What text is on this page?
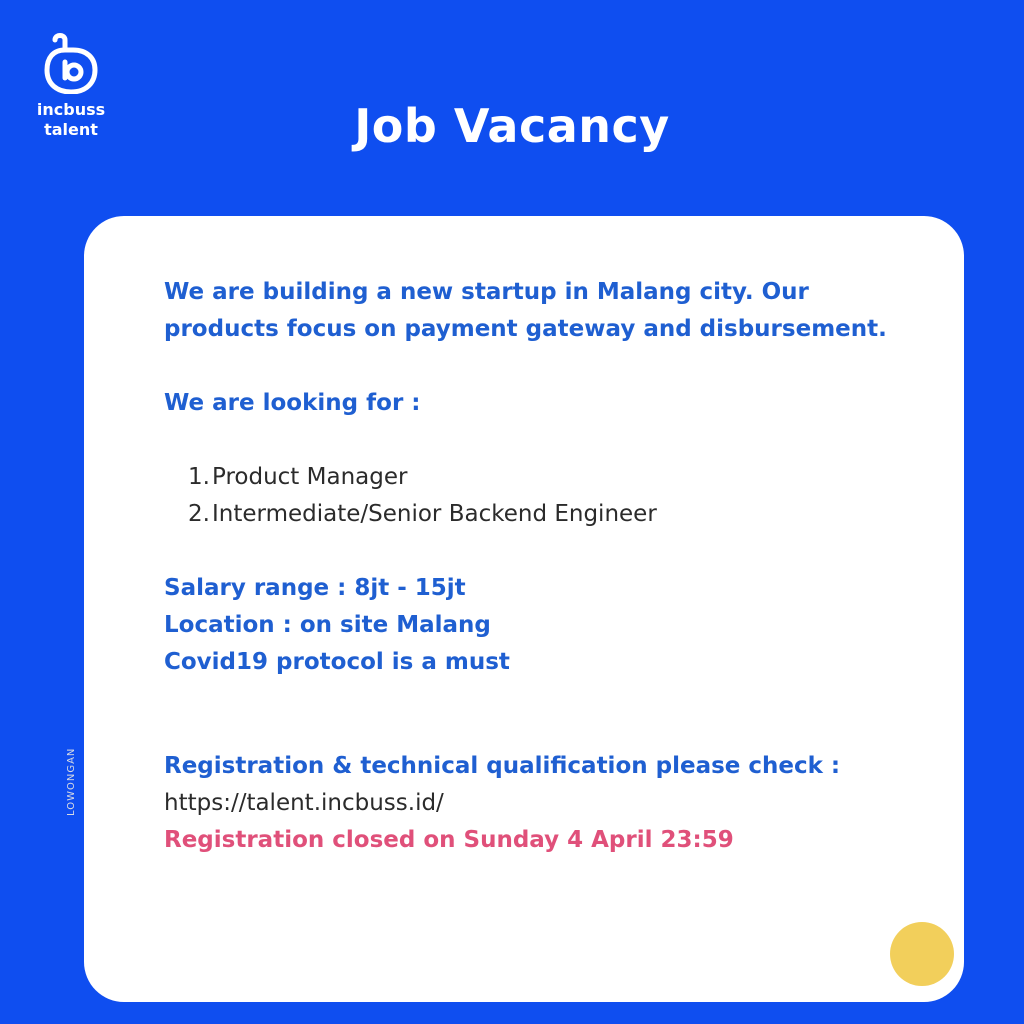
incbuss
talent	Job Vacancy
LOWONGAN

We are building a new startup in Malang city. Our products focus on payment gateway and disbursement.

We are looking for :

1. Product Manager
2. Intermediate/Senior Backend Engineer

Salary range : 8jt - 15jt

Location : on site Malang

Covid19 protocol is a must

Registration & technical qualification please check :

https://talent.incbuss.id/

Registration closed on Sunday 4 April 23:59
